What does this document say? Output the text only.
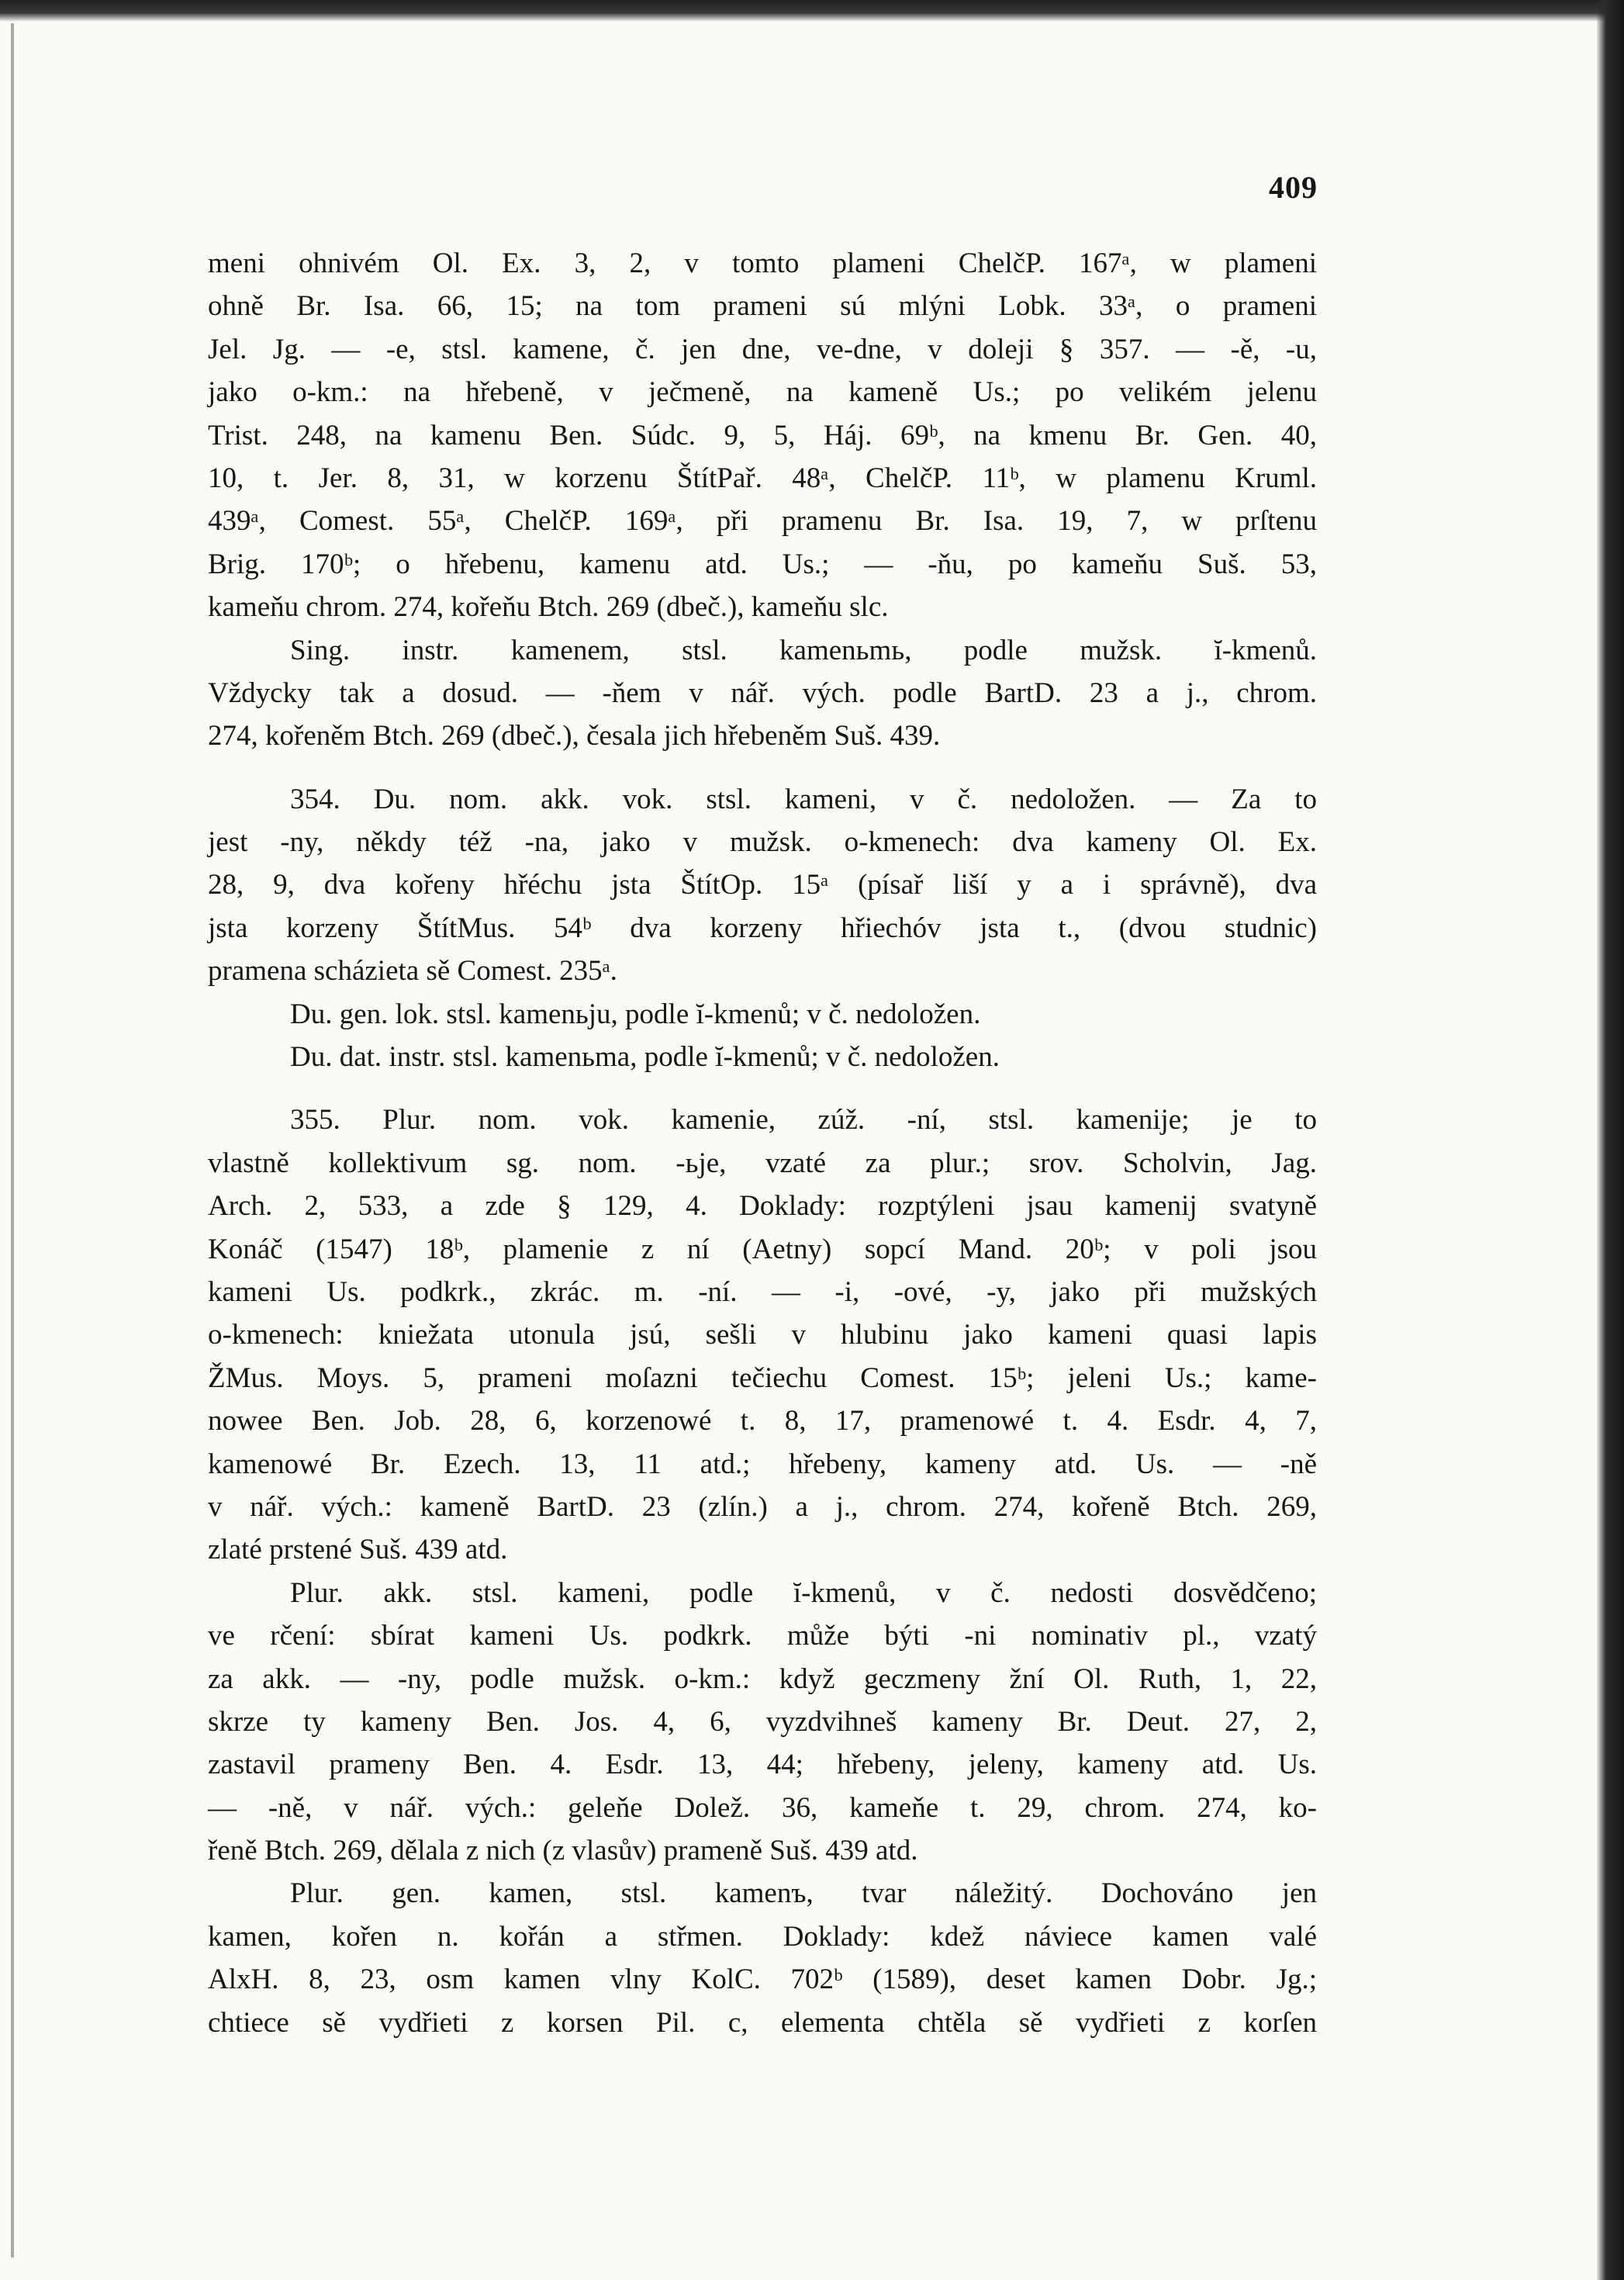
409
meni ohnivém Ol. Ex. 3, 2, v tomto plameni ChelčP. 167ᵃ, w plameni
ohně Br. Isa. 66, 15; na tom prameni sú mlýni Lobk. 33ᵃ, o prameni
Jel. Jg. — -e, stsl. kamene, č. jen dne, ve-dne, v doleji § 357. — -ě, -u,
jako o-km.: na hřebeně, v ječmeně, na kameně Us.; po velikém jelenu
Trist. 248, na kamenu Ben. Súdc. 9, 5, Háj. 69ᵇ, na kmenu Br. Gen. 40,
10, t. Jer. 8, 31, w korzenu ŠtítPař. 48ᵃ, ChelčP. 11ᵇ, w plamenu Kruml.
439ᵃ, Comest. 55ᵃ, ChelčP. 169ᵃ, při pramenu Br. Isa. 19, 7, w prſtenu
Brig. 170ᵇ; o hřebenu, kamenu atd. Us.; — -ňu, po kameňu Suš. 53,
kameňu chrom. 274, kořeňu Btch. 269 (dbeč.), kameňu slc.
Sing. instr. kamenem, stsl. kamenьmь, podle mužsk. ĭ-kmenů.
Vždycky tak a dosud. — -ňem v nář. vých. podle BartD. 23 a j., chrom.
274, kořeněm Btch. 269 (dbeč.), česala jich hřebeněm Suš. 439.
354. Du. nom. akk. vok. stsl. kameni, v č. nedoložen. — Za to
jest -ny, někdy též -na, jako v mužsk. o-kmenech: dva kameny Ol. Ex.
28, 9, dva kořeny hřéchu jsta ŠtítOp. 15ᵃ (písař liší y a i správně), dva
jsta korzeny ŠtítMus. 54ᵇ dva korzeny hřiechóv jsta t., (dvou studnic)
pramena scházieta sě Comest. 235ᵃ.
Du. gen. lok. stsl. kamenьju, podle ĭ-kmenů; v č. nedoložen.
Du. dat. instr. stsl. kamenьma, podle ĭ-kmenů; v č. nedoložen.
355. Plur. nom. vok. kamenie, zúž. -ní, stsl. kamenije; je to
vlastně kollektivum sg. nom. -ьje, vzaté za plur.; srov. Scholvin, Jag.
Arch. 2, 533, a zde § 129, 4. Doklady: rozptýleni jsau kamenij svatyně
Konáč (1547) 18ᵇ, plamenie z ní (Aetny) sopcí Mand. 20ᵇ; v poli jsou
kameni Us. podkrk., zkrác. m. -ní. — -i, -ové, -y, jako při mužských
o-kmenech: kniežata utonula jsú, sešli v hlubinu jako kameni quasi lapis
ŽMus. Moys. 5, prameni moſazni tečiechu Comest. 15ᵇ; jeleni Us.; kame-
nowee Ben. Job. 28, 6, korzenowé t. 8, 17, pramenowé t. 4. Esdr. 4, 7,
kamenowé Br. Ezech. 13, 11 atd.; hřebeny, kameny atd. Us. — -ně
v nář. vých.: kameně BartD. 23 (zlín.) a j., chrom. 274, kořeně Btch. 269,
zlaté prstené Suš. 439 atd.
Plur. akk. stsl. kameni, podle ĭ-kmenů, v č. nedosti dosvědčeno;
ve rčení: sbírat kameni Us. podkrk. může býti -ni nominativ pl., vzatý
za akk. — -ny, podle mužsk. o-km.: když geczmeny žní Ol. Ruth, 1, 22,
skrze ty kameny Ben. Jos. 4, 6, vyzdvihneš kameny Br. Deut. 27, 2,
zastavil prameny Ben. 4. Esdr. 13, 44; hřebeny, jeleny, kameny atd. Us.
— -ně, v nář. vých.: geleňe Dolež. 36, kameňe t. 29, chrom. 274, ko-
řeně Btch. 269, dělala z nich (z vlasův) prameně Suš. 439 atd.
Plur. gen. kamen, stsl. kamenъ, tvar náležitý. Dochováno jen
kamen, kořen n. kořán a střmen. Doklady: kdež náviece kamen valé
AlxH. 8, 23, osm kamen vlny KolC. 702ᵇ (1589), deset kamen Dobr. Jg.;
chtiece sě vydřieti z korsen Pil. c, elementa chtěla sě vydřieti z korſen
